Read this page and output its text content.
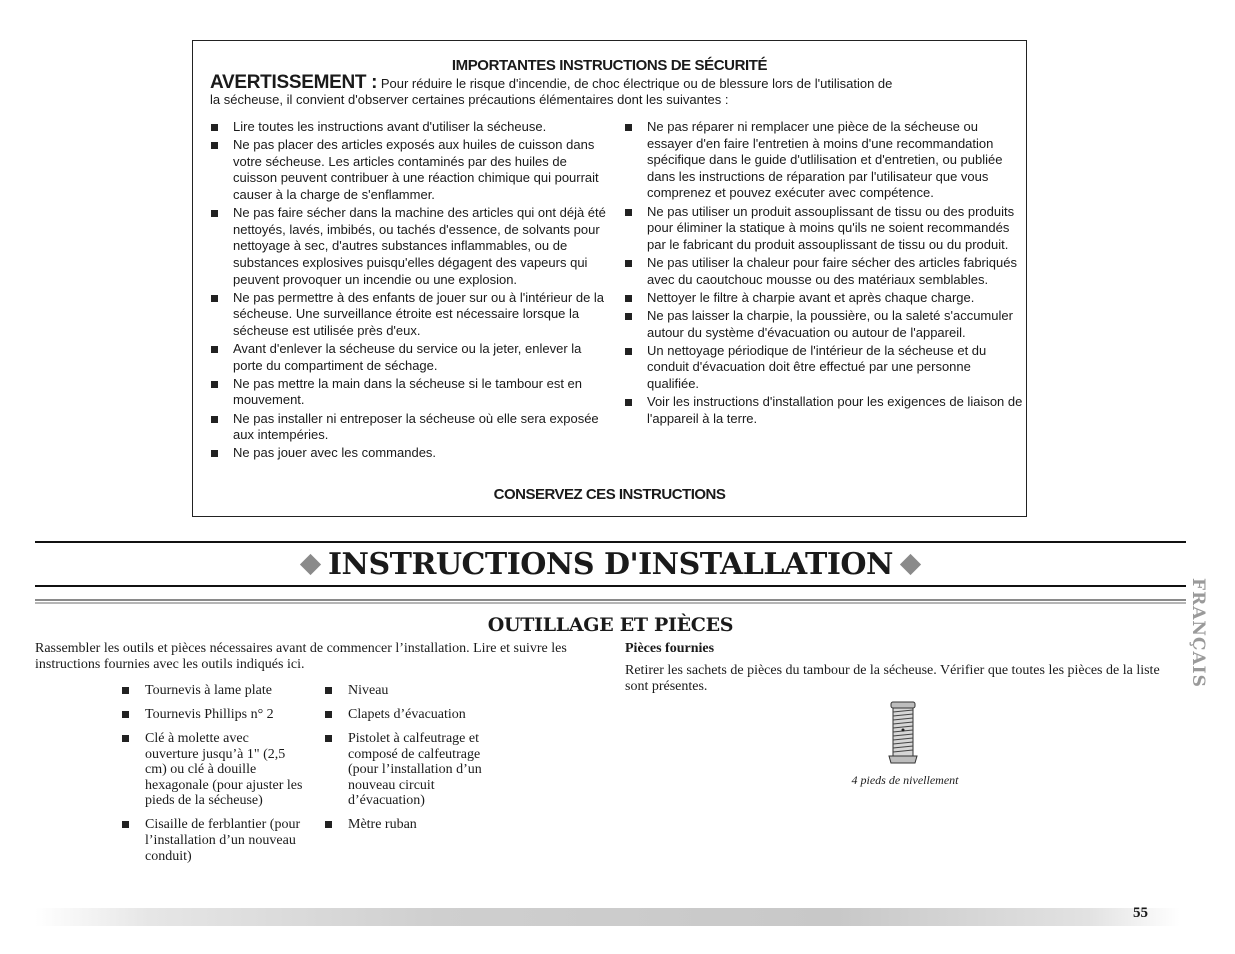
IMPORTANTES INSTRUCTIONS DE SÉCURITÉ
AVERTISSEMENT : Pour réduire le risque d'incendie, de choc électrique ou de blessure lors de l'utilisation de
la sécheuse, il convient d'observer certaines précautions élémentaires dont les suivantes :
Lire toutes les instructions avant d'utiliser la sécheuse.
Ne pas placer des articles exposés aux huiles de cuisson dans votre sécheuse. Les articles contaminés par des huiles de cuisson peuvent contribuer à une réaction chimique qui pourrait causer à la charge de s'enflammer.
Ne pas faire sécher dans la machine des articles qui ont déjà été nettoyés, lavés, imbibés, ou tachés d'essence, de solvants pour nettoyage à sec, d'autres substances inflammables, ou de substances explosives puisqu'elles dégagent des vapeurs qui peuvent provoquer un incendie ou une explosion.
Ne pas permettre à des enfants de jouer sur ou à l'intérieur de la sécheuse. Une surveillance étroite est nécessaire lorsque la sécheuse est utilisée près d'eux.
Avant d'enlever la sécheuse du service ou la jeter, enlever la porte du compartiment de séchage.
Ne pas mettre la main dans la sécheuse si le tambour est en mouvement.
Ne pas installer ni entreposer la sécheuse où elle sera exposée aux intempéries.
Ne pas jouer avec les commandes.
Ne pas réparer ni remplacer une pièce de la sécheuse ou essayer d'en faire l'entretien à moins d'une recommandation spécifique dans le guide d'utlilisation et d'entretien, ou publiée dans les instructions de réparation par l'utilisateur que vous comprenez et pouvez exécuter avec compétence.
Ne pas utiliser un produit assouplissant de tissu ou des produits pour éliminer la statique à moins qu'ils ne soient recommandés par le fabricant du produit assouplissant de tissu ou du produit.
Ne pas utiliser la chaleur pour faire sécher des articles fabriqués avec du caoutchouc mousse ou des matériaux semblables.
Nettoyer le filtre à charpie avant et après chaque charge.
Ne pas laisser la charpie, la poussière, ou la saleté s'accumuler autour du système d'évacuation ou autour de l'appareil.
Un nettoyage périodique de l'intérieur de la sécheuse et du conduit d'évacuation doit être effectué par une personne qualifiée.
Voir les instructions d'installation pour les exigences de liaison de l'appareil à la terre.
CONSERVEZ CES INSTRUCTIONS
INSTRUCTIONS D'INSTALLATION
FRANÇAIS
OUTILLAGE ET PIÈCES
Rassembler les outils et pièces nécessaires avant de commencer l’installation. Lire et suivre les instructions fournies avec les outils indiqués ici.
Tournevis à lame plate
Tournevis Phillips n° 2
Clé à molette avec ouverture jusqu’à 1" (2,5 cm) ou clé à douille hexagonale (pour ajuster les pieds de la sécheuse)
Cisaille de ferblantier (pour l’installation d’un nouveau conduit)
Niveau
Clapets d’évacuation
Pistolet à calfeutrage et composé de calfeutrage (pour l’installation d’un nouveau circuit d’évacuation)
Mètre ruban
Pièces fournies
Retirer les sachets de pièces du tambour de la sécheuse. Vérifier que toutes les pièces de la liste sont présentes.
4 pieds de nivellement
55
